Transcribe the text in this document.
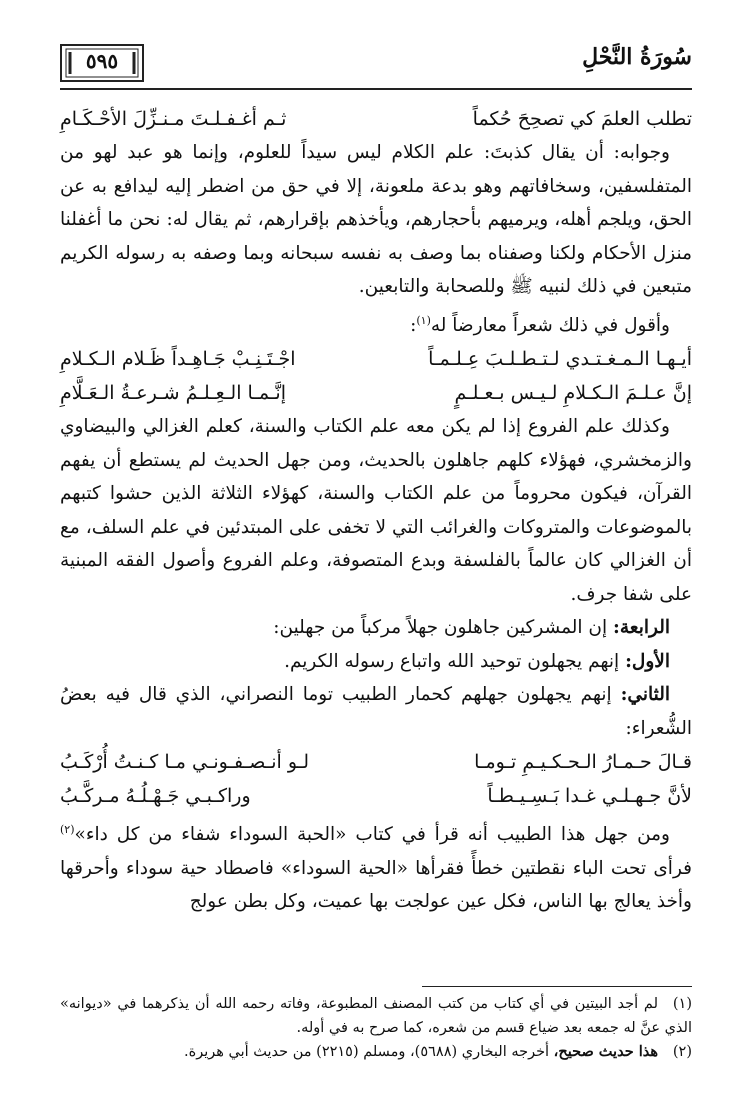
سُورَةُ النَّحْلِ
٥٩٥
تطلب العلمَ كي تصحِحَ حُكماً
ثـم أغـفـلـتَ مـنـزِّلَ الأحْـكَـامِ

وجوابه: أن يقال كذبتَ: علم الكلام ليس سيداً للعلوم، وإنما هو عبد لهو من المتفلسفين، وسخافاتهم وهو بدعة ملعونة، إلا في حق من اضطر إليه ليدافع به عن الحق، ويلجم أهله، ويرميهم بأحجارهم، ويأخذهم بإقرارهم، ثم يقال له: نحن ما أغفلنا منزل الأحكام ولكنا وصفناه بما وصف به نفسه سبحانه وبما وصفه به رسوله الكريم متبعين في ذلك لنبيه ﷺ وللصحابة والتابعين.

وأقول في ذلك شعراً معارضاً له$^{(١)}$:

أيـهـا الـمـغـتـدي لـتـطـلـبَ عِـلـمـاً
اجْـتَـنِـبْ جَـاهِـداً ظَـلام الـكـلامِ
إنَّ عـلـمَ الـكـلامِ لـيـس بـعـلـمٍ
إنَّـمـا الـعِـلـمُ شـرعـةُ الـعَـلَّامِ

وكذلك علم الفروع إذا لم يكن معه علم الكتاب والسنة، كعلم الغزالي والبيضاوي والزمخشري، فهؤلاء كلهم جاهلون بالحديث، ومن جهل الحديث لم يستطع أن يفهم القرآن، فيكون محروماً من علم الكتاب والسنة، كهؤلاء الثلاثة الذين حشوا كتبهم بالموضوعات والمتروكات والغرائب التي لا تخفى على المبتدئين في علم السلف، مع أن الغزالي كان عالماً بالفلسفة وبدع المتصوفة، وعلم الفروع وأصول الفقه المبنية على شفا جرف.

الرابعة: إن المشركين جاهلون جهلاً مركباً من جهلين:

الأول: إنهم يجهلون توحيد الله واتباع رسوله الكريم.

الثاني: إنهم يجهلون جهلهم كحمار الطبيب توما النصراني، الذي قال فيه بعضُ الشُّعراء:

قـالَ حـمـارُ الـحـكـيـمِ تـومـا
لـو أنـصـفـونـي مـا كـنـتُ أُرْكَـبُ
لأنَّ جـهـلـي غـدا بَـسِـيـطـاً
وراكـبـي جَـهْـلُـهُ مـركَّـبُ

ومن جهل هذا الطبيب أنه قرأ في كتاب «الحبة السوداء شفاء من كل داء»$^{(٢)}$ فرأى تحت الباء نقطتين خطأً فقرأها «الحية السوداء» فاصطاد حية سوداء وأحرقها وأخذ يعالج بها الناس، فكل عين عولجت بها عميت، وكل بطن عولج

(١)لم أجد البيتين في أي كتاب من كتب المصنف المطبوعة، وفاته رحمه الله أن يذكرهما في «ديوانه» الذي عنَّ له جمعه بعد ضياع قسم من شعره، كما صرح به في أوله.

(٢)هذا حديث صحيح، أخرجه البخاري (٥٦٨٨)، ومسلم (٢٢١٥) من حديث أبي هريرة.
